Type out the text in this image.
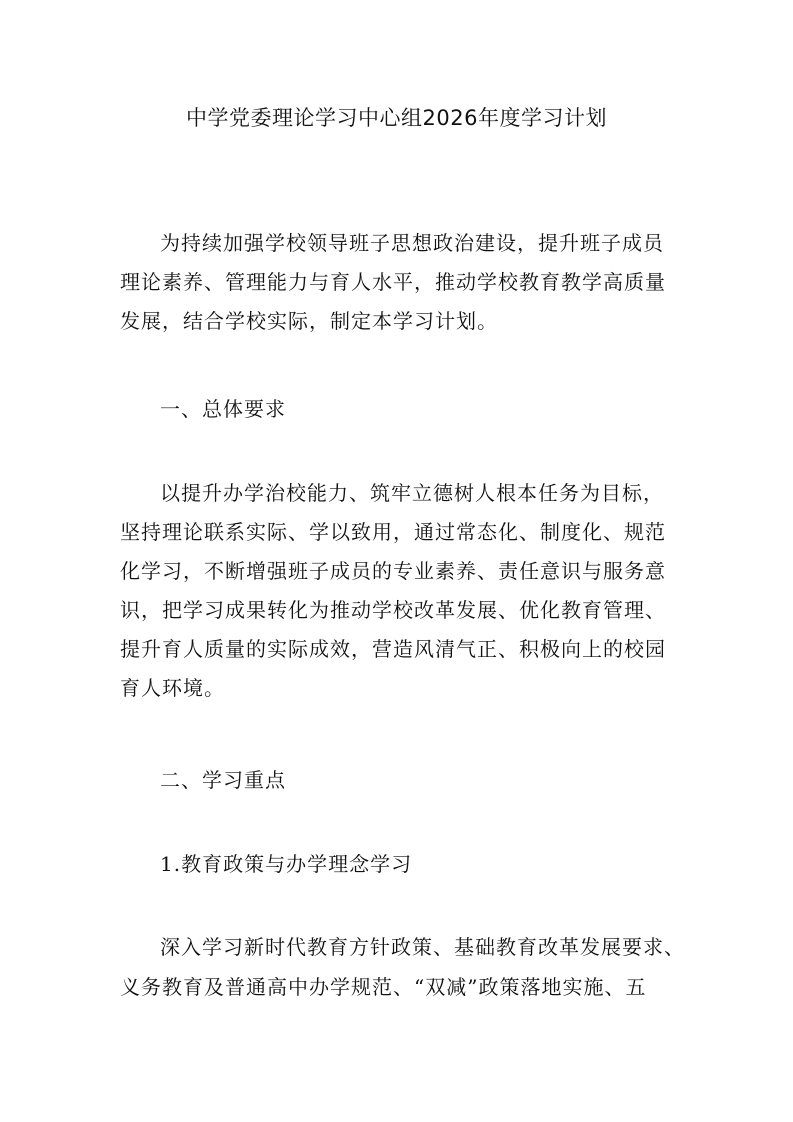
中学党委理论学习中心组2026年度学习计划
为持续加强学校领导班子思想政治建设，提升班子成员
理论素养、管理能力与育人水平，推动学校教育教学高质量
发展，结合学校实际，制定本学习计划。
一、总体要求
以提升办学治校能力、筑牢立德树人根本任务为目标，
坚持理论联系实际、学以致用，通过常态化、制度化、规范
化学习，不断增强班子成员的专业素养、责任意识与服务意
识，把学习成果转化为推动学校改革发展、优化教育管理、
提升育人质量的实际成效，营造风清气正、积极向上的校园
育人环境。
二、学习重点
1.教育政策与办学理念学习
深入学习新时代教育方针政策、基础教育改革发展要求、
义务教育及普通高中办学规范、“双减”政策落地实施、五
